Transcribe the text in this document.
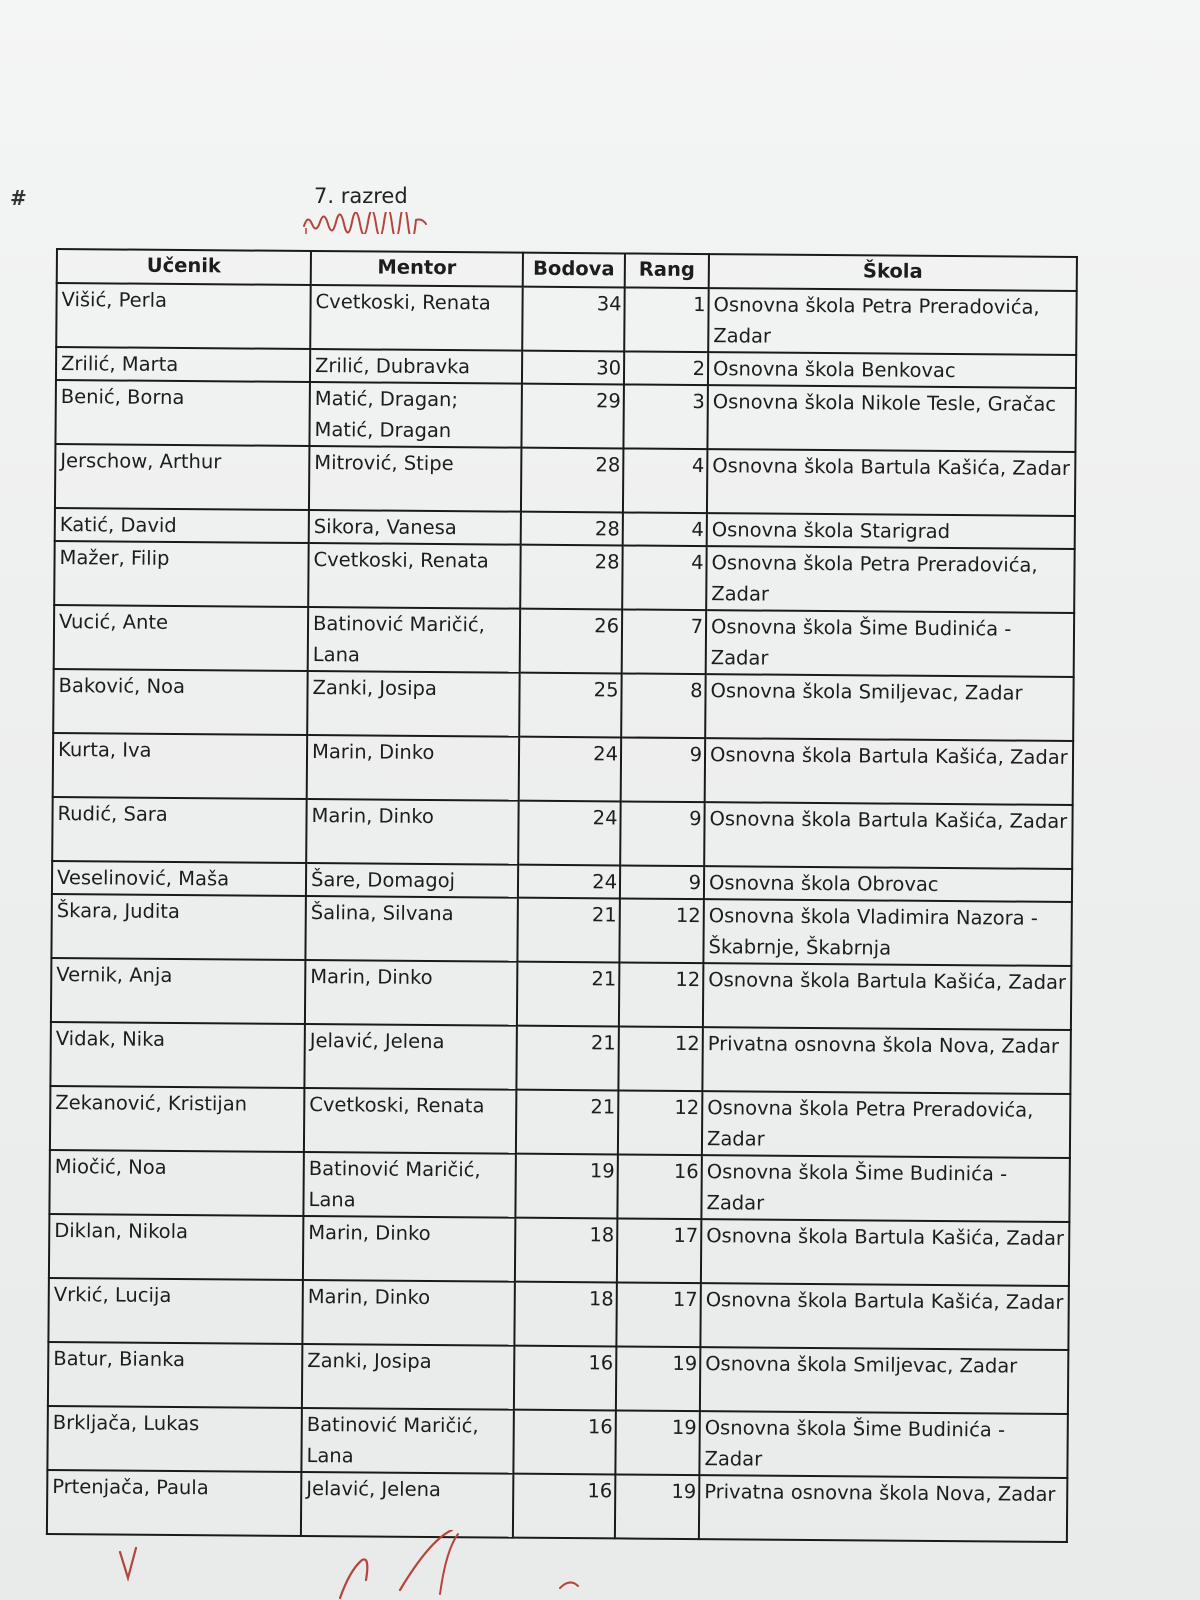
#	7. razred
Učenik	Mentor	Bodova	Rang	Škola
Višić, Perla	Cvetkoski, Renata	34	1	Osnovna škola Petra Preradovića, Zadar
Zrilić, Marta	Zrilić, Dubravka	30	2	Osnovna škola Benkovac
Benić, Borna	Matić, Dragan; Matić, Dragan	29	3	Osnovna škola Nikole Tesle, Gračac
Jerschow, Arthur	Mitrović, Stipe	28	4	Osnovna škola Bartula Kašića, Zadar
Katić, David	Sikora, Vanesa	28	4	Osnovna škola Starigrad
Mažer, Filip	Cvetkoski, Renata	28	4	Osnovna škola Petra Preradovića, Zadar
Vucić, Ante	Batinović Maričić, Lana	26	7	Osnovna škola Šime Budinića - Zadar
Baković, Noa	Zanki, Josipa	25	8	Osnovna škola Smiljevac, Zadar
Kurta, Iva	Marin, Dinko	24	9	Osnovna škola Bartula Kašića, Zadar
Rudić, Sara	Marin, Dinko	24	9	Osnovna škola Bartula Kašića, Zadar
Veselinović, Maša	Šare, Domagoj	24	9	Osnovna škola Obrovac
Škara, Judita	Šalina, Silvana	21	12	Osnovna škola Vladimira Nazora - Škabrnje, Škabrnja
Vernik, Anja	Marin, Dinko	21	12	Osnovna škola Bartula Kašića, Zadar
Vidak, Nika	Jelavić, Jelena	21	12	Privatna osnovna škola Nova, Zadar
Zekanović, Kristijan	Cvetkoski, Renata	21	12	Osnovna škola Petra Preradovića, Zadar
Miočić, Noa	Batinović Maričić, Lana	19	16	Osnovna škola Šime Budinića - Zadar
Diklan, Nikola	Marin, Dinko	18	17	Osnovna škola Bartula Kašića, Zadar
Vrkić, Lucija	Marin, Dinko	18	17	Osnovna škola Bartula Kašića, Zadar
Batur, Bianka	Zanki, Josipa	16	19	Osnovna škola Smiljevac, Zadar
Brkljača, Lukas	Batinović Maričić, Lana	16	19	Osnovna škola Šime Budinića - Zadar
Prtenjača, Paula	Jelavić, Jelena	16	19	Privatna osnovna škola Nova, Zadar
